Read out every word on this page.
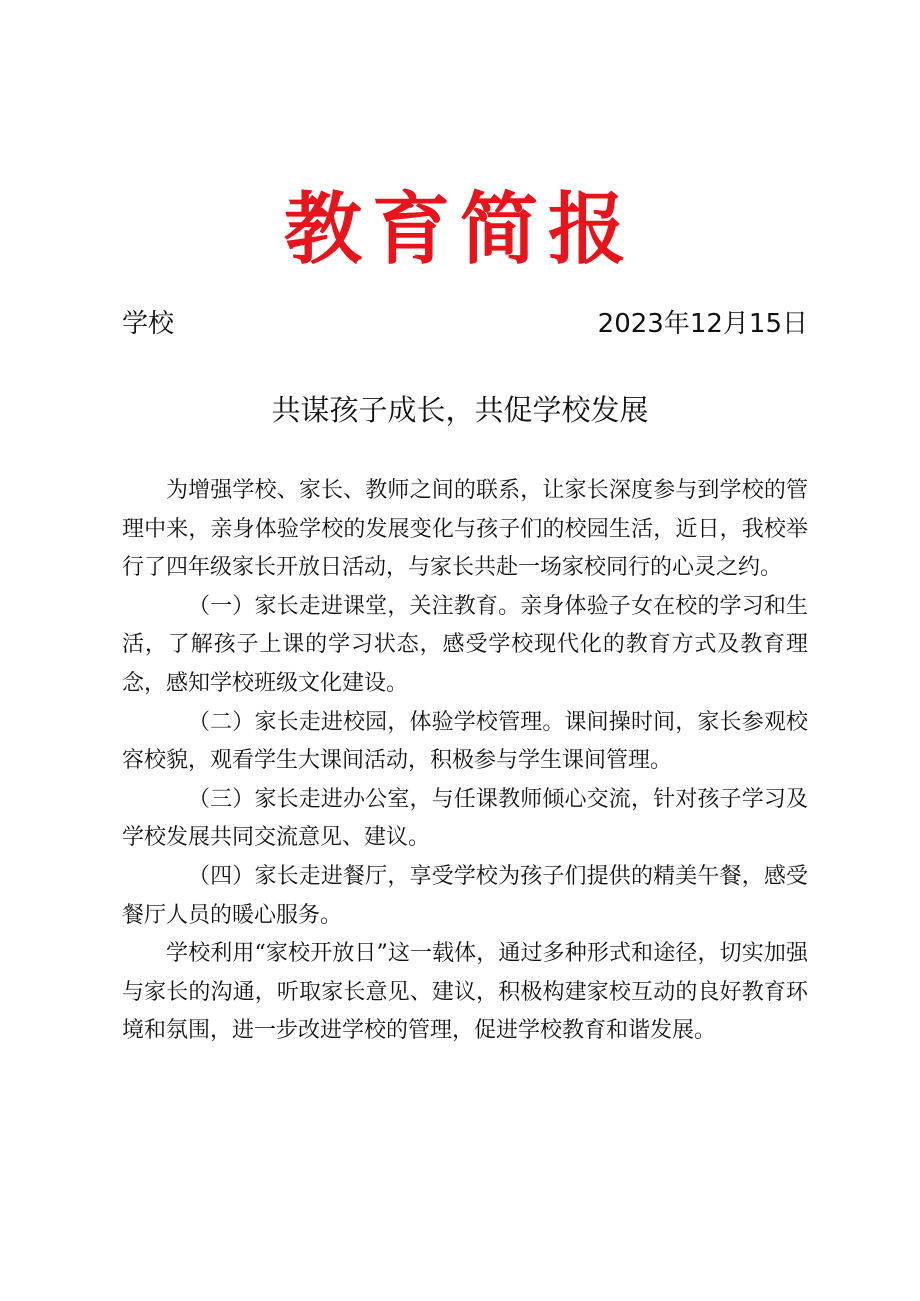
教育简报
学校	2023年12月15日
共谋孩子成长，共促学校发展

为增强学校、家长、教师之间的联系，让家长深度参与到学校的管理中来，亲身体验学校的发展变化与孩子们的校园生活，近日，我校举行了四年级家长开放日活动，与家长共赴一场家校同行的心灵之约。

（一）家长走进课堂，关注教育。亲身体验子女在校的学习和生活，了解孩子上课的学习状态，感受学校现代化的教育方式及教育理念，感知学校班级文化建设。

（二）家长走进校园，体验学校管理。课间操时间，家长参观校容校貌，观看学生大课间活动，积极参与学生课间管理。

（三）家长走进办公室，与任课教师倾心交流，针对孩子学习及学校发展共同交流意见、建议。

（四）家长走进餐厅，享受学校为孩子们提供的精美午餐，感受餐厅人员的暖心服务。

学校利用“家校开放日”这一载体，通过多种形式和途径，切实加强与家长的沟通，听取家长意见、建议，积极构建家校互动的良好教育环境和氛围，进一步改进学校的管理，促进学校教育和谐发展。
